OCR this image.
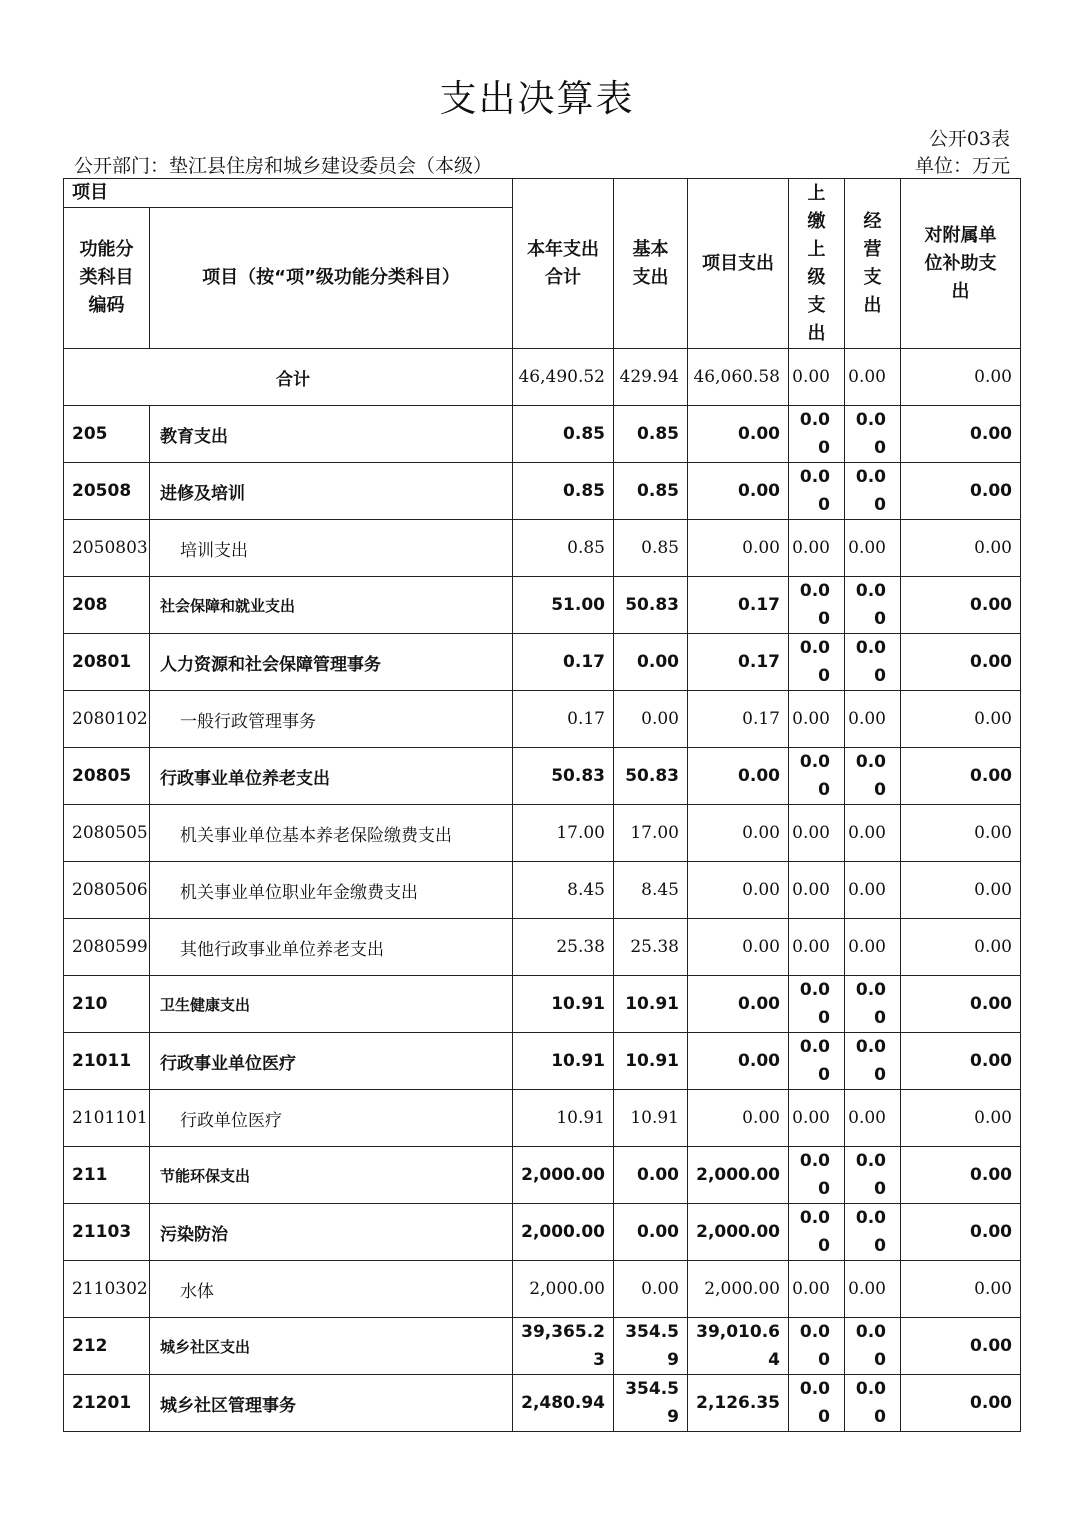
支出决算表
公开03表
公开部门：垫江县住房和城乡建设委员会（本级）	单位：万元
项目		本年支出合计	基本支出	项目支出	上缴上级支出	经营支出	对附属单位补助支出
功能分类科目编码	项目（按“项”级功能分类科目）						
合计		46,490.52	429.94	46,060.58	0.00	0.00	0.00
205	教育支出	0.85	0.85	0.00	0.00	0.00	0.00
20508	进修及培训	0.85	0.85	0.00	0.00	0.00	0.00
2050803	培训支出	0.85	0.85	0.00	0.00	0.00	0.00
208	社会保障和就业支出	51.00	50.83	0.17	0.00	0.00	0.00
20801	人力资源和社会保障管理事务	0.17	0.00	0.17	0.00	0.00	0.00
2080102	一般行政管理事务	0.17	0.00	0.17	0.00	0.00	0.00
20805	行政事业单位养老支出	50.83	50.83	0.00	0.00	0.00	0.00
2080505	机关事业单位基本养老保险缴费支出	17.00	17.00	0.00	0.00	0.00	0.00
2080506	机关事业单位职业年金缴费支出	8.45	8.45	0.00	0.00	0.00	0.00
2080599	其他行政事业单位养老支出	25.38	25.38	0.00	0.00	0.00	0.00
210	卫生健康支出	10.91	10.91	0.00	0.00	0.00	0.00
21011	行政事业单位医疗	10.91	10.91	0.00	0.00	0.00	0.00
2101101	行政单位医疗	10.91	10.91	0.00	0.00	0.00	0.00
211	节能环保支出	2,000.00	0.00	2,000.00	0.00	0.00	0.00
21103	污染防治	2,000.00	0.00	2,000.00	0.00	0.00	0.00
2110302	水体	2,000.00	0.00	2,000.00	0.00	0.00	0.00
212	城乡社区支出	39,365.23	354.59	39,010.64	0.00	0.00	0.00
21201	城乡社区管理事务	2,480.94	354.59	2,126.35	0.00	0.00	0.00
